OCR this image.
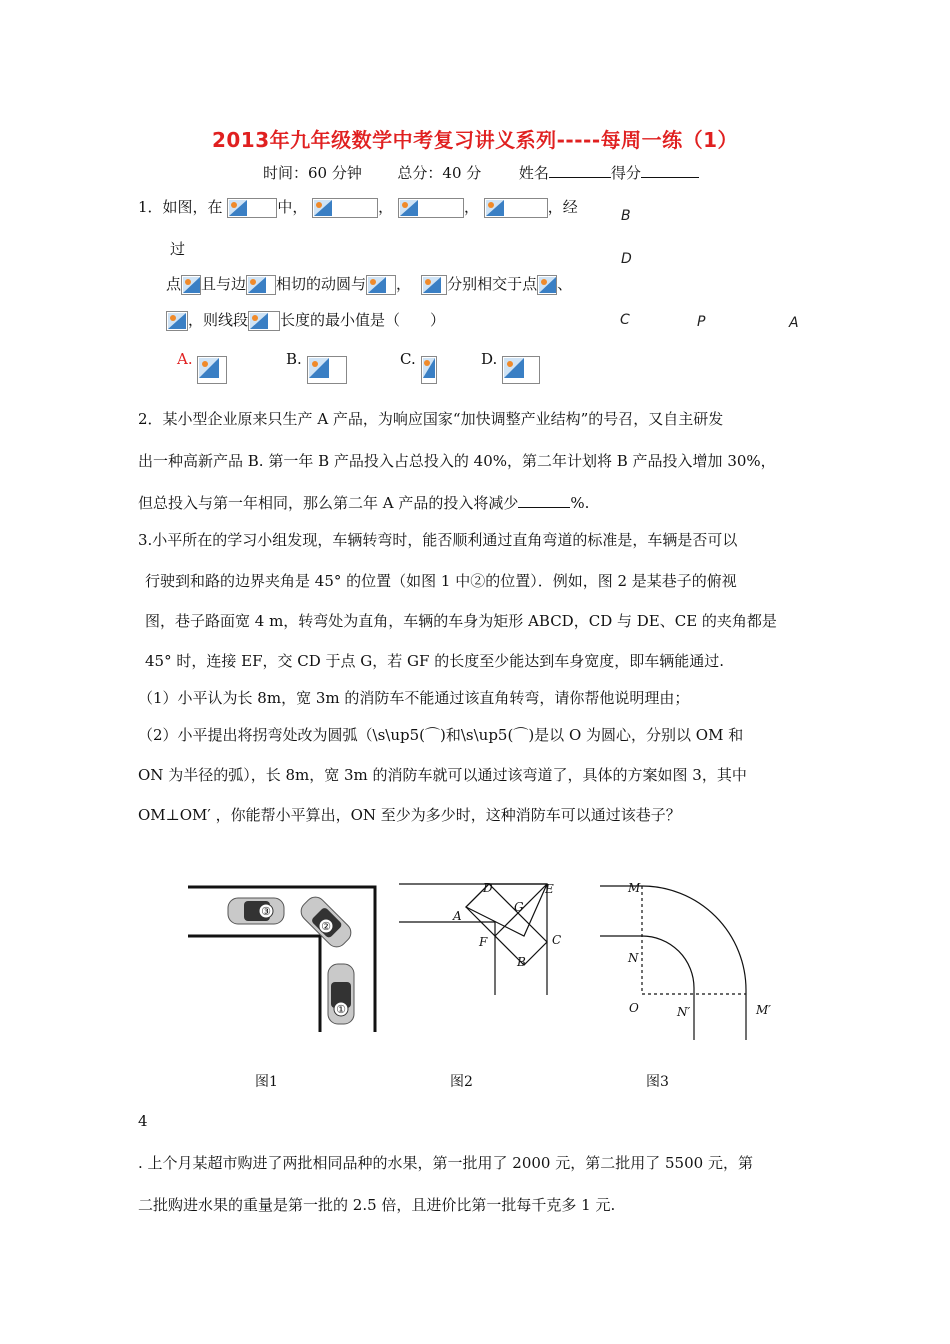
2013年九年级数学中考复习讲义系列-----每周一练（1）
时间：60 分钟 总分：40 分	姓名	得分
1．如图，在	中，	，	，	，经
过
点 且与边 相切的动圆与 ， 分别相交于点 、
，则线段 长度的最小值是（　　）
B
D
C	P	A
A.	B.	C.	D.
2．某小型企业原来只生产 A 产品，为响应国家“加快调整产业结构”的号召，又自主研发
出一种高新产品 B. 第一年 B 产品投入占总投入的 40%，第二年计划将 B 产品投入增加 30%，
但总投入与第一年相同，那么第二年 A 产品的投入将减少	%.
3.小平所在的学习小组发现，车辆转弯时，能否顺利通过直角弯道的标准是，车辆是否可以
行驶到和路的边界夹角是 45° 的位置（如图 1 中②的位置）．例如，图 2 是某巷子的俯视
图，巷子路面宽 4 m，转弯处为直角，车辆的车身为矩形 ABCD，CD 与 DE、CE 的夹角都是
45° 时，连接 EF，交 CD 于点 G，若 GF 的长度至少能达到车身宽度，即车辆能通过.
（1）小平认为长 8m，宽 3m 的消防车不能通过该直角转弯，请你帮他说明理由；
（2）小平提出将拐弯处改为圆弧（\s\up5(⌒)和\s\up5(⌒)是以 O 为圆心，分别以 OM 和
ON 为半径的弧），长 8m，宽 3m 的消防车就可以通过该弯道了，具体的方案如图 3，其中
OM⊥OM′ ，你能帮小平算出，ON 至少为多少时，这种消防车可以通过该巷子？
③
②
①
图1
D	E
G
A
F	C
B
图2
M
N
O	N′	M′
图3
4
. 上个月某超市购进了两批相同品种的水果，第一批用了 2000 元，第二批用了 5500 元，第
二批购进水果的重量是第一批的 2.5 倍，且进价比第一批每千克多 1 元.
